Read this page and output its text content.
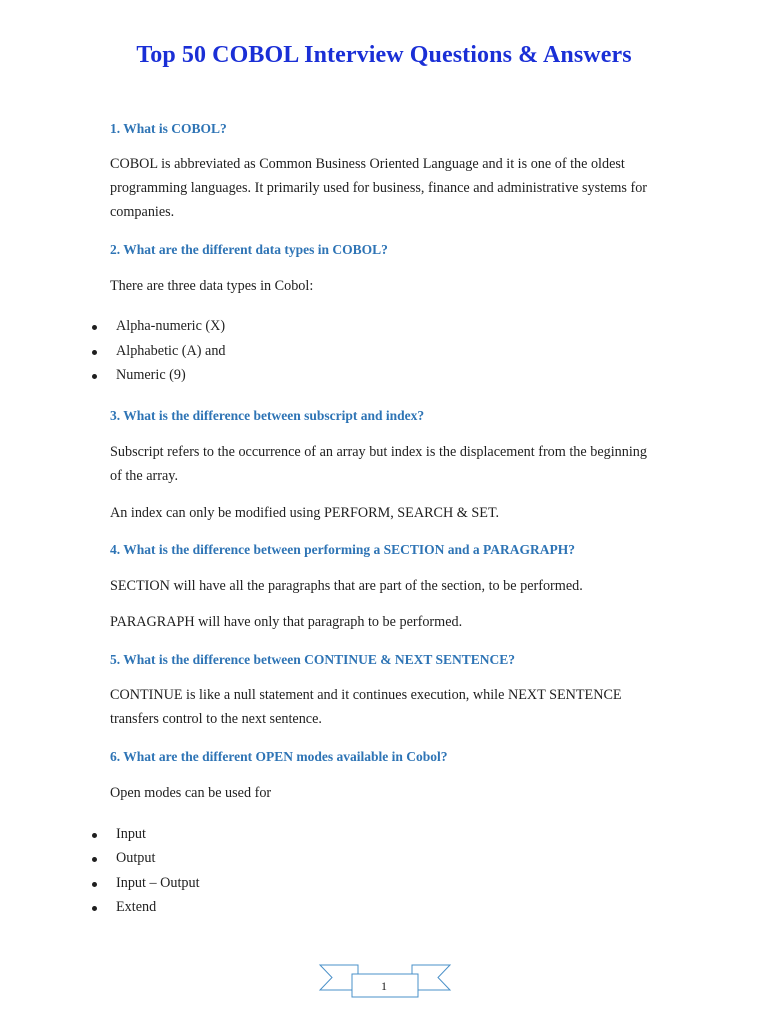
Top 50 COBOL Interview Questions & Answers
1. What is COBOL?
COBOL is abbreviated as Common Business Oriented Language and it is one of the oldest programming languages. It primarily used for business, finance and administrative systems for companies.
2. What are the different data types in COBOL?
There are three data types in Cobol:
Alpha-numeric (X)
Alphabetic (A) and
Numeric (9)
3. What is the difference between subscript and index?
Subscript refers to the occurrence of an array but index is the displacement from the beginning of the array.
An index can only be modified using PERFORM, SEARCH & SET.
4. What is the difference between performing a SECTION and a PARAGRAPH?
SECTION will have all the paragraphs that are part of the section, to be performed.
PARAGRAPH will have only that paragraph to be performed.
5. What is the difference between CONTINUE & NEXT SENTENCE?
CONTINUE is like a null statement and it continues execution, while NEXT SENTENCE transfers control to the next sentence.
6. What are the different OPEN modes available in Cobol?
Open modes can be used for
Input
Output
Input – Output
Extend
1
